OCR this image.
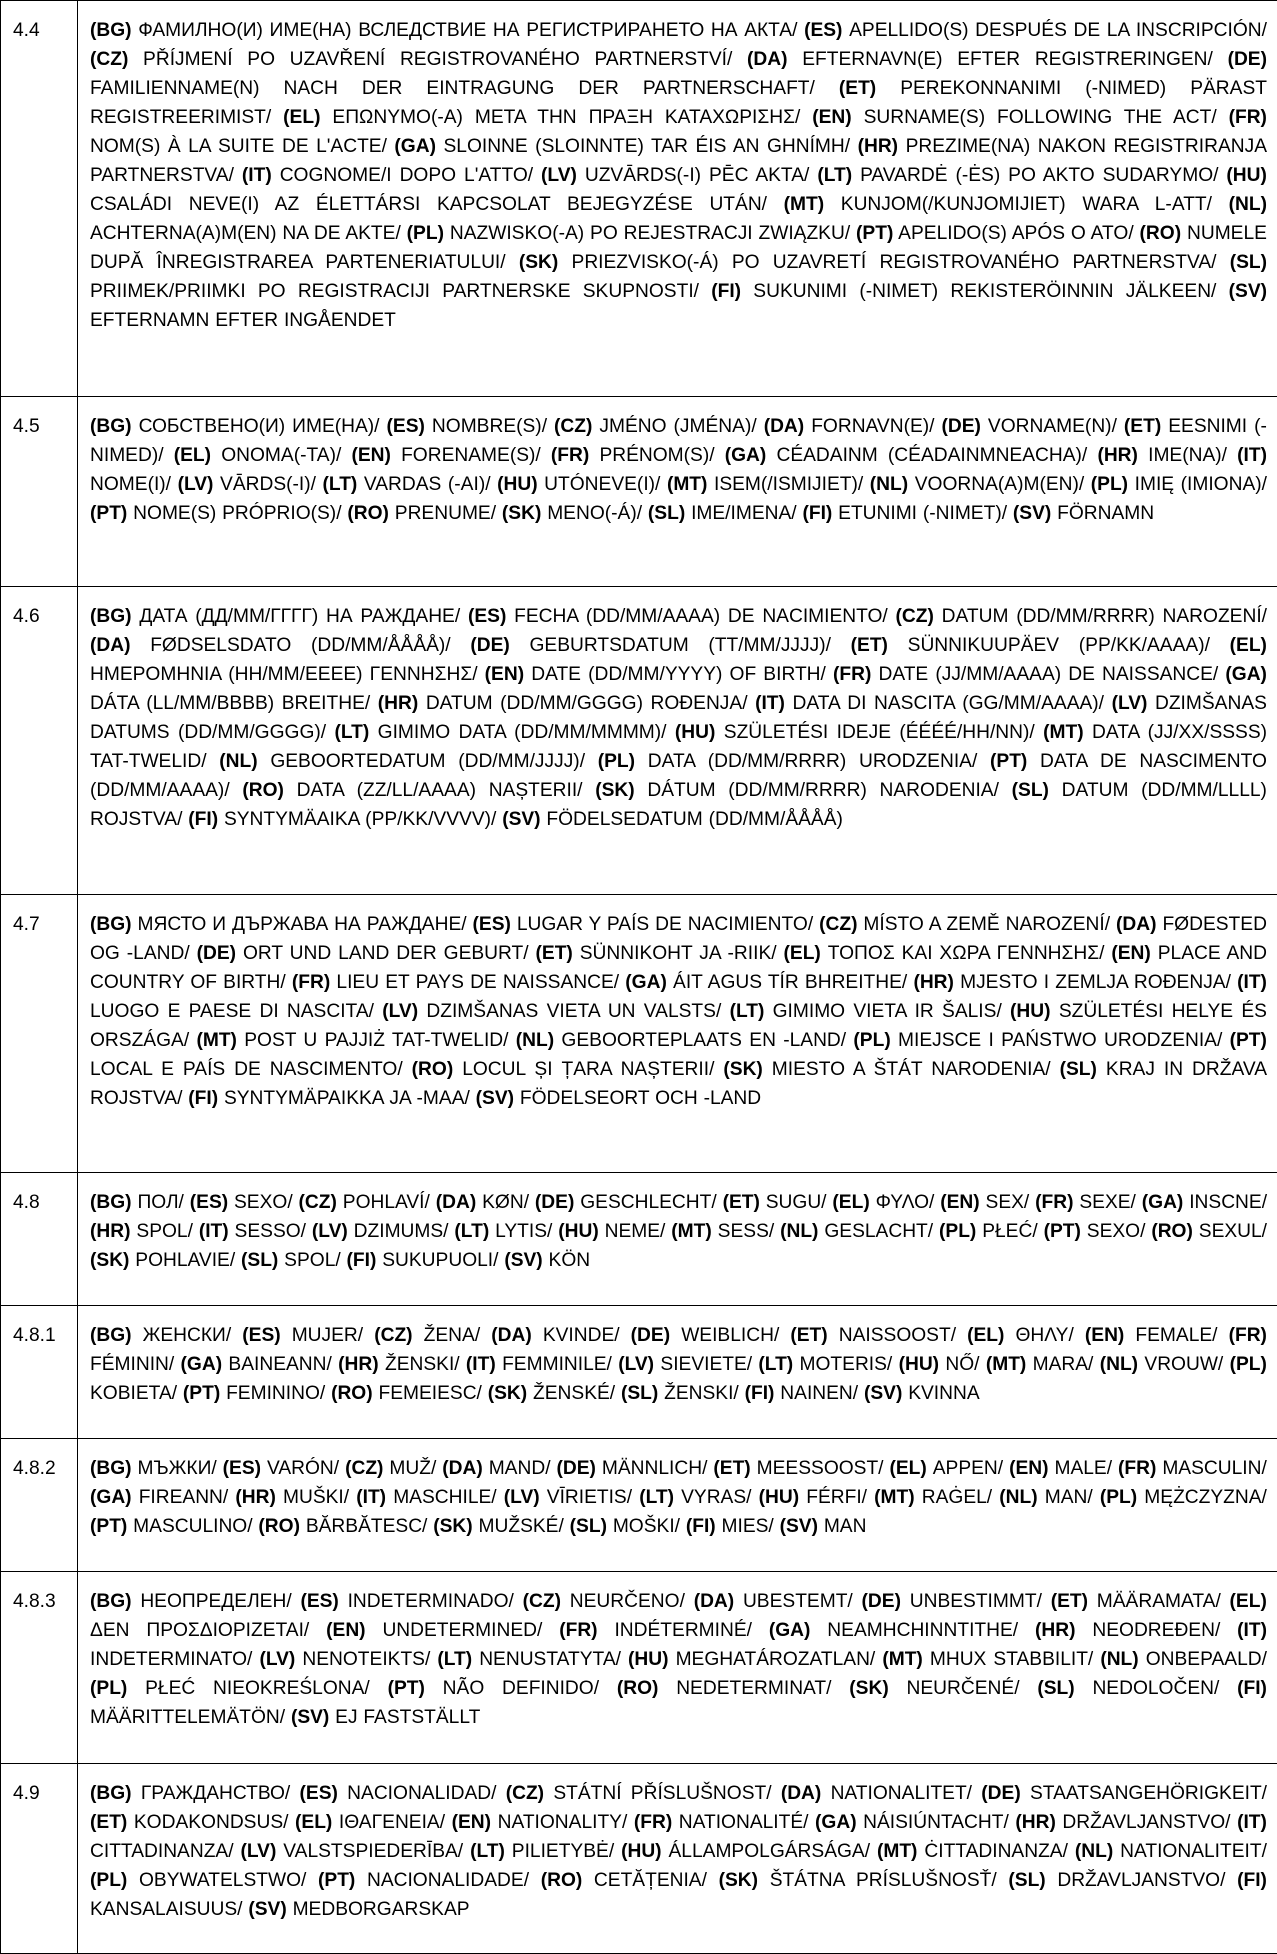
4.4	(BG) ФАМИЛНО(И) ИМЕ(НА) ВСЛЕДСТВИЕ НА РЕГИСТРИРАНЕТО НА АКТА/ (ES) APELLIDO(S) DESPUÉS DE LA INSCRIPCIÓN/ (CZ) PŘÍJMENÍ PO UZAVŘENÍ REGISTROVANÉHO PARTNERSTVÍ/ (DA) EFTERNAVN(E) EFTER REGISTRERINGEN/ (DE) FAMILIENNAME(N) NACH DER EINTRAGUNG DER PARTNERSCHAFT/ (ET) PEREKONNANIMI (-NIMED) PÄRAST REGISTREERIMIST/ (EL) ΕΠΩΝΥΜΟ(-Α) ΜΕΤΑ ΤΗΝ ΠΡΑΞΗ ΚΑΤΑΧΩΡΙΣΗΣ/ (EN) SURNAME(S) FOLLOWING THE ACT/ (FR) NOM(S) À LA SUITE DE L'ACTE/ (GA) SLOINNE (SLOINNTE) TAR ÉIS AN GHNÍMH/ (HR) PREZIME(NA) NAKON REGISTRIRANJA PARTNERSTVA/ (IT) COGNOME/I DOPO L'ATTO/ (LV) UZVĀRDS(-I) PĒC AKTA/ (LT) PAVARDĖ (-ĖS) PO AKTO SUDARYMO/ (HU) CSALÁDI NEVE(I) AZ ÉLETTÁRSI KAPCSOLAT BEJEGYZÉSE UTÁN/ (MT) KUNJOM(/KUNJOMIJIET) WARA L-ATT/ (NL) ACHTERNA(A)M(EN) NA DE AKTE/ (PL) NAZWISKO(-A) PO REJESTRACJI ZWIĄZKU/ (PT) APELIDO(S) APÓS O ATO/ (RO) NUMELE DUPĂ ÎNREGISTRAREA PARTENERIATULUI/ (SK) PRIEZVISKO(-Á) PO UZAVRETÍ REGISTROVANÉHO PARTNERSTVA/ (SL) PRIIMEK/PRIIMKI PO REGISTRACIJI PARTNERSKE SKUPNOSTI/ (FI) SUKUNIMI (-NIMET) REKISTERÖINNIN JÄLKEEN/ (SV) EFTERNAMN EFTER INGÅENDET
4.5	(BG) СОБСТВЕНО(И) ИМЕ(НА)/ (ES) NOMBRE(S)/ (CZ) JMÉNO (JMÉNA)/ (DA) FORNAVN(E)/ (DE) VORNAME(N)/ (ET) EESNIMI (-NIMED)/ (EL) ΟΝΟΜΑ(-ΤΑ)/ (EN) FORENAME(S)/ (FR) PRÉNOM(S)/ (GA) CÉADAINM (CÉADAINMNEACHA)/ (HR) IME(NA)/ (IT) NOME(I)/ (LV) VĀRDS(-I)/ (LT) VARDAS (-AI)/ (HU) UTÓNEVE(I)/ (MT) ISEM(/ISMIJIET)/ (NL) VOORNA(A)M(EN)/ (PL) IMIĘ (IMIONA)/ (PT) NOME(S) PRÓPRIO(S)/ (RO) PRENUME/ (SK) MENO(-Á)/ (SL) IME/IMENA/ (FI) ETUNIMI (-NIMET)/ (SV) FÖRNAMN
4.6	(BG) ДАТА (ДД/ММ/ГГГГ) НА РАЖДАНЕ/ (ES) FECHA (DD/MM/AAAA) DE NACIMIENTO/ (CZ) DATUM (DD/MM/RRRR) NAROZENÍ/ (DA) FØDSELSDATO (DD/MM/ÅÅÅÅ)/ (DE) GEBURTSDATUM (TT/MM/JJJJ)/ (ET) SÜNNIKUUPÄEV (PP/KK/AAAA)/ (EL) ΗΜΕΡΟΜΗΝΙΑ (ΗΗ/ΜΜ/ΕΕΕΕ) ΓΕΝΝΗΣΗΣ/ (EN) DATE (DD/MM/YYYY) OF BIRTH/ (FR) DATE (JJ/MM/AAAA) DE NAISSANCE/ (GA) DÁTA (LL/MM/BBBB) BREITHE/ (HR) DATUM (DD/MM/GGGG) ROĐENJA/ (IT) DATA DI NASCITA (GG/MM/AAAA)/ (LV) DZIMŠANAS DATUMS (DD/MM/GGGG)/ (LT) GIMIMO DATA (DD/MM/MMMM)/ (HU) SZÜLETÉSI IDEJE (ÉÉÉÉ/HH/NN)/ (MT) DATA (JJ/XX/SSSS) TAT-TWELID/ (NL) GEBOORTEDATUM (DD/MM/JJJJ)/ (PL) DATA (DD/MM/RRRR) URODZENIA/ (PT) DATA DE NASCIMENTO (DD/MM/AAAA)/ (RO) DATA (ZZ/LL/AAAA) NAȘTERII/ (SK) DÁTUM (DD/MM/RRRR) NARODENIA/ (SL) DATUM (DD/MM/LLLL) ROJSTVA/ (FI) SYNTYMÄAIKA (PP/KK/VVVV)/ (SV) FÖDELSEDATUM (DD/MM/ÅÅÅÅ)
4.7	(BG) МЯСТО И ДЪРЖАВА НА РАЖДАНЕ/ (ES) LUGAR Y PAÍS DE NACIMIENTO/ (CZ) MÍSTO A ZEMĚ NAROZENÍ/ (DA) FØDESTED OG -LAND/ (DE) ORT UND LAND DER GEBURT/ (ET) SÜNNIKOHT JA -RIIK/ (EL) ΤΟΠΟΣ ΚΑΙ ΧΩΡΑ ΓΕΝΝΗΣΗΣ/ (EN) PLACE AND COUNTRY OF BIRTH/ (FR) LIEU ET PAYS DE NAISSANCE/ (GA) ÁIT AGUS TÍR BHREITHE/ (HR) MJESTO I ZEMLJA ROĐENJA/ (IT) LUOGO E PAESE DI NASCITA/ (LV) DZIMŠANAS VIETA UN VALSTS/ (LT) GIMIMO VIETA IR ŠALIS/ (HU) SZÜLETÉSI HELYE ÉS ORSZÁGA/ (MT) POST U PAJJIŻ TAT-TWELID/ (NL) GEBOORTEPLAATS EN -LAND/ (PL) MIEJSCE I PAŃSTWO URODZENIA/ (PT) LOCAL E PAÍS DE NASCIMENTO/ (RO) LOCUL ȘI ȚARA NAȘTERII/ (SK) MIESTO A ŠTÁT NARODENIA/ (SL) KRAJ IN DRŽAVA ROJSTVA/ (FI) SYNTYMÄPAIKKA JA -MAA/ (SV) FÖDELSEORT OCH -LAND
4.8	(BG) ПОЛ/ (ES) SEXO/ (CZ) POHLAVÍ/ (DA) KØN/ (DE) GESCHLECHT/ (ET) SUGU/ (EL) ΦΥΛΟ/ (EN) SEX/ (FR) SEXE/ (GA) INSCNE/ (HR) SPOL/ (IT) SESSO/ (LV) DZIMUMS/ (LT) LYTIS/ (HU) NEME/ (MT) SESS/ (NL) GESLACHT/ (PL) PŁEĆ/ (PT) SEXO/ (RO) SEXUL/ (SK) POHLAVIE/ (SL) SPOL/ (FI) SUKUPUOLI/ (SV) KÖN
4.8.1	(BG) ЖЕНСКИ/ (ES) MUJER/ (CZ) ŽENA/ (DA) KVINDE/ (DE) WEIBLICH/ (ET) NAISSOOST/ (EL) ΘΗΛΥ/ (EN) FEMALE/ (FR) FÉMININ/ (GA) BAINEANN/ (HR) ŽENSKI/ (IT) FEMMINILE/ (LV) SIEVIETE/ (LT) MOTERIS/ (HU) NŐ/ (MT) MARA/ (NL) VROUW/ (PL) KOBIETA/ (PT) FEMININO/ (RO) FEMEIESC/ (SK) ŽENSKÉ/ (SL) ŽENSKI/ (FI) NAINEN/ (SV) KVINNA
4.8.2	(BG) МЪЖКИ/ (ES) VARÓN/ (CZ) MUŽ/ (DA) MAND/ (DE) MÄNNLICH/ (ET) MEESSOOST/ (EL) ΑΡΡΕΝ/ (EN) MALE/ (FR) MASCULIN/ (GA) FIREANN/ (HR) MUŠKI/ (IT) MASCHILE/ (LV) VĪRIETIS/ (LT) VYRAS/ (HU) FÉRFI/ (MT) RAĠEL/ (NL) MAN/ (PL) MĘŻCZYZNA/ (PT) MASCULINO/ (RO) BĂRBĂTESC/ (SK) MUŽSKÉ/ (SL) MOŠKI/ (FI) MIES/ (SV) MAN
4.8.3	(BG) НЕОПРЕДЕЛЕН/ (ES) INDETERMINADO/ (CZ) NEURČENO/ (DA) UBESTEMT/ (DE) UNBESTIMMT/ (ET) MÄÄRAMATA/ (EL) ΔΕΝ ΠΡΟΣΔΙΟΡΙΖΕΤΑΙ/ (EN) UNDETERMINED/ (FR) INDÉTERMINÉ/ (GA) NEAMHCHINNTITHE/ (HR) NEODREĐEN/ (IT) INDETERMINATO/ (LV) NENOTEIKTS/ (LT) NENUSTATYTA/ (HU) MEGHATÁROZATLAN/ (MT) MHUX STABBILIT/ (NL) ONBEPAALD/ (PL) PŁEĆ NIEOKREŚLONA/ (PT) NÃO DEFINIDO/ (RO) NEDETERMINAT/ (SK) NEURČENÉ/ (SL) NEDOLOČEN/ (FI) MÄÄRITTELEMÄTÖN/ (SV) EJ FASTSTÄLLT
4.9	(BG) ГРАЖДАНСТВО/ (ES) NACIONALIDAD/ (CZ) STÁTNÍ PŘÍSLUŠNOST/ (DA) NATIONALITET/ (DE) STAATSANGEHÖRIGKEIT/ (ET) KODAKONDSUS/ (EL) ΙΘΑΓΕΝΕΙΑ/ (EN) NATIONALITY/ (FR) NATIONALITÉ/ (GA) NÁISIÚNTACHT/ (HR) DRŽAVLJANSTVO/ (IT) CITTADINANZA/ (LV) VALSTSPIEDERĪBA/ (LT) PILIETYBĖ/ (HU) ÁLLAMPOLGÁRSÁGA/ (MT) ĊITTADINANZA/ (NL) NATIONALITEIT/ (PL) OBYWATELSTWO/ (PT) NACIONALIDADE/ (RO) CETĂȚENIA/ (SK) ŠTÁTNA PRÍSLUŠNOSŤ/ (SL) DRŽAVLJANSTVO/ (FI) KANSALAISUUS/ (SV) MEDBORGARSKAP
